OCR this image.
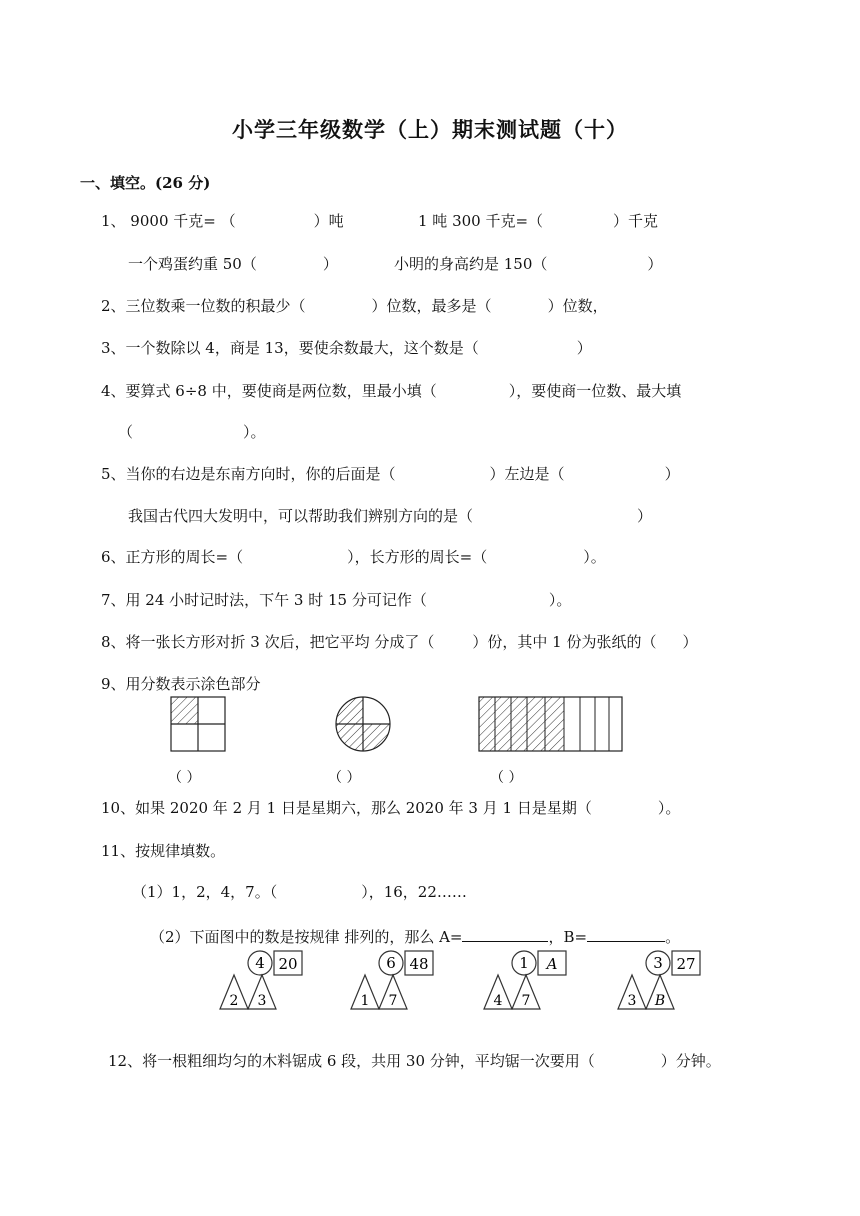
小学三年级数学（上）期末测试题（十）
一、填空。(26 分)
1、 9000 千克= （	）吨	1 吨 300 千克=（	）千克
一个鸡蛋约重 50（	）	小明的身高约是 150（	）
2、三位数乘一位数的积最少（	）位数，最多是（	）位数，
3、一个数除以 4，商是 13，要使余数最大，这个数是（	）
4、要算式 6÷8 中，要使商是两位数，里最小填（	），要使商一位数、最大填
（	）。
5、当你的右边是东南方向时，你的后面是（	）左边是（	）
我国古代四大发明中，可以帮助我们辨别方向的是（	）
6、正方形的周长=（	），长方形的周长=（	）。
7、用 24 小时记时法，下午 3 时 15 分可记作（	）。
8、将一张长方形对折 3 次后，把它平均 分成了（	）份，其中 1 份为张纸的（ ）
9、用分数表示涂色部分
（ ）	（ ）	（ ）
10、如果 2020 年 2 月 1 日是星期六，那么 2020 年 3 月 1 日是星期（	）。
11、按规律填数。
（1）1，2，4，7。（	），16，22……
（2）下面图中的数是按规律 排列的，那么 A=	，B=	。
4 20
2 3
6 48
1 7
1 A
4 7
3 27
3 B
12、将一根粗细均匀的木料锯成 6 段，共用 30 分钟，平均锯一次要用（	）分钟。
